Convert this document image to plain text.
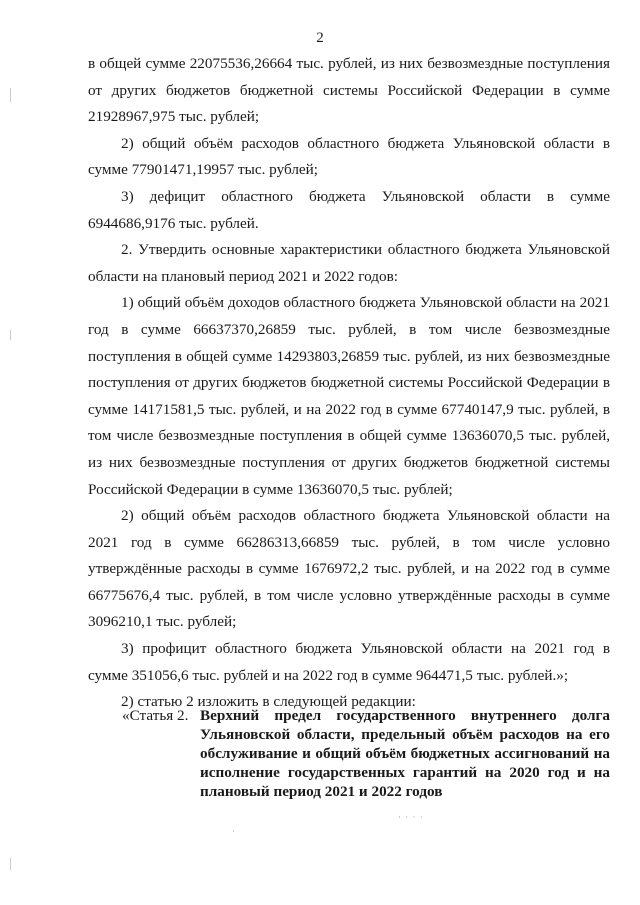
2

в общей сумме 22075536,26664 тыс. рублей, из них безвозмездные поступления от других бюджетов бюджетной системы Российской Федерации в сумме 21928967,975 тыс. рублей;

2) общий объём расходов областного бюджета Ульяновской области в сумме 77901471,19957 тыс. рублей;

3) дефицит областного бюджета Ульяновской области в сумме 6944686,9176 тыс. рублей.

2. Утвердить основные характеристики областного бюджета Ульяновской области на плановый период 2021 и 2022 годов:

1) общий объём доходов областного бюджета Ульяновской области на 2021 год в сумме 66637370,26859 тыс. рублей, в том числе безвозмездные поступления в общей сумме 14293803,26859 тыс. рублей, из них безвозмездные поступления от других бюджетов бюджетной системы Российской Федерации в сумме 14171581,5 тыс. рублей, и на 2022 год в сумме 67740147,9 тыс. рублей, в том числе безвозмездные поступления в общей сумме 13636070,5 тыс. рублей, из них безвозмездные поступления от других бюджетов бюджетной системы Российской Федерации в сумме 13636070,5 тыс. рублей;

2) общий объём расходов областного бюджета Ульяновской области на 2021 год в сумме 66286313,66859 тыс. рублей, в том числе условно утверждённые расходы в сумме 1676972,2 тыс. рублей, и на 2022 год в сумме 66775676,4 тыс. рублей, в том числе условно утверждённые расходы в сумме 3096210,1 тыс. рублей;

3) профицит областного бюджета Ульяновской области на 2021 год в сумме 351056,6 тыс. рублей и на 2022 год в сумме 964471,5 тыс. рублей.»;

2) статью 2 изложить в следующей редакции:

«Статья 2. Верхний предел государственного внутреннего долга Ульяновской области, предельный объём расходов на его обслуживание и общий объём бюджетных ассигнований на исполнение государственных гарантий на 2020 год и на плановый период 2021 и 2022 годов
· · · ·
·
